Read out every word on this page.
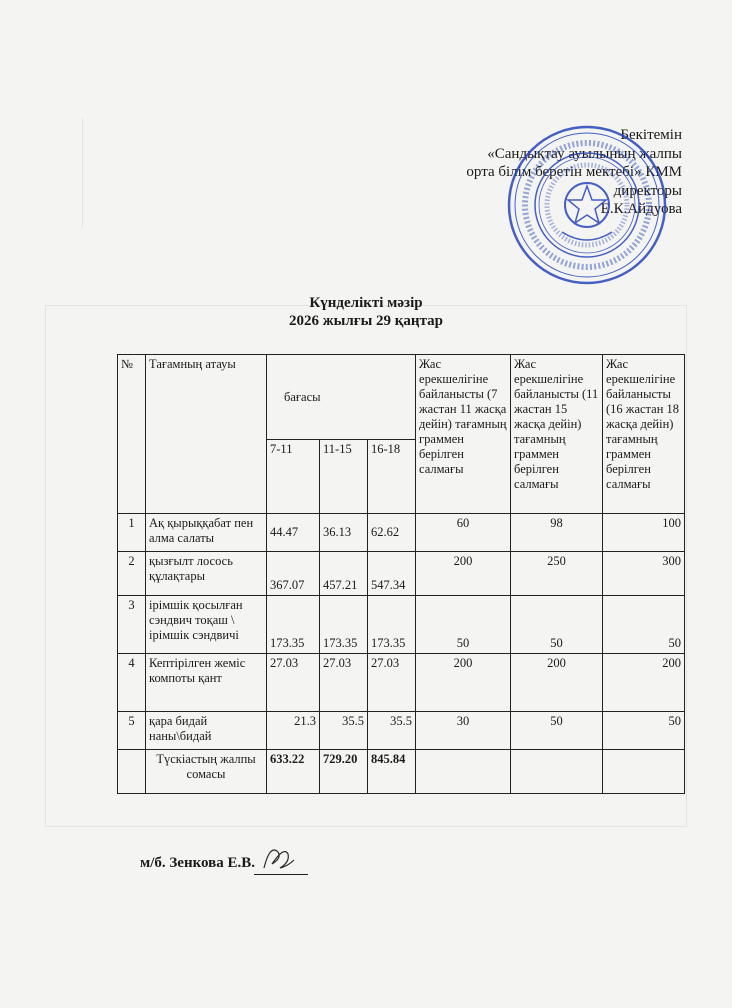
Бекітемін
«Сандықтау ауылының жалпы
орта білім беретін мектебі» КММ
директоры
Е.К.Айдуова
Күнделікті мәзір
2026 жылғы 29 қаңтар
№	Тағамның атауы	бағасы			Жас ерекшелігіне байланысты (7 жастан 11 жасқа дейін) тағамның граммен берілген салмағы	Жас ерекшелігіне байланысты (11 жастан 15 жасқа дейін) тағамның граммен берілген салмағы	Жас ерекшелігіне байланысты (16 жастан 18 жасқа дейін) тағамның граммен берілген салмағы
		7-11	11-15	16-18			
1	Ақ қырыққабат пен алма салаты	44.47	36.13	62.62	60	98	100
2	қызғылт лосось құлақтары	367.07	457.21	547.34	200	250	300
3	ірімшік қосылған сэндвич тоқаш \ ірімшік сэндвичі	173.35	173.35	173.35	50	50	50
4	Кептірілген жеміс компоты қант	27.03	27.03	27.03	200	200	200
5	қара бидай наны\бидай	21.3	35.5	35.5	30	50	50
	Түскіастың жалпы сомасы	633.22	729.20	845.84			
м/б. Зенкова Е.В.
